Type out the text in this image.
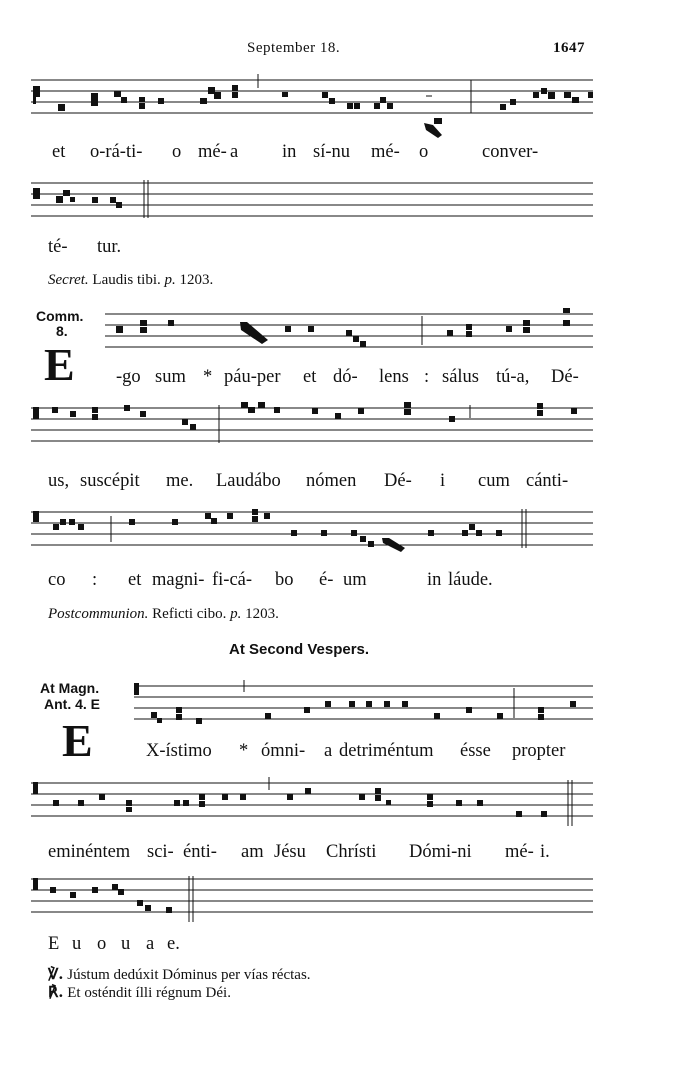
September 18.	1647
et o-rá-ti- o mé- a in sí-nu mé- o	conver-
té- tur.
Secret. Laudis tibi. p. 1203.
Comm.
8.
E -go sum * páu-per et dó- lens : sálus tú-a, Dé-
us, suscépit me. Laudábo nómen Dé- i cum cánti-
co : et magni- fi-cá- bo é- um	in láude.
Postcommunion. Reficti cibo. p. 1203.
At Second Vespers.
At Magn.
Ant. 4. E
E	X-ístimo * ómni- a detriméntum ésse propter
eminéntem sci- énti- am Jésu Chrísti Dómi-ni mé- i.
E u o u a e.
℣. Jústum dedúxit Dóminus per vías réctas.
℟. Et osténdit ílli régnum Déi.
